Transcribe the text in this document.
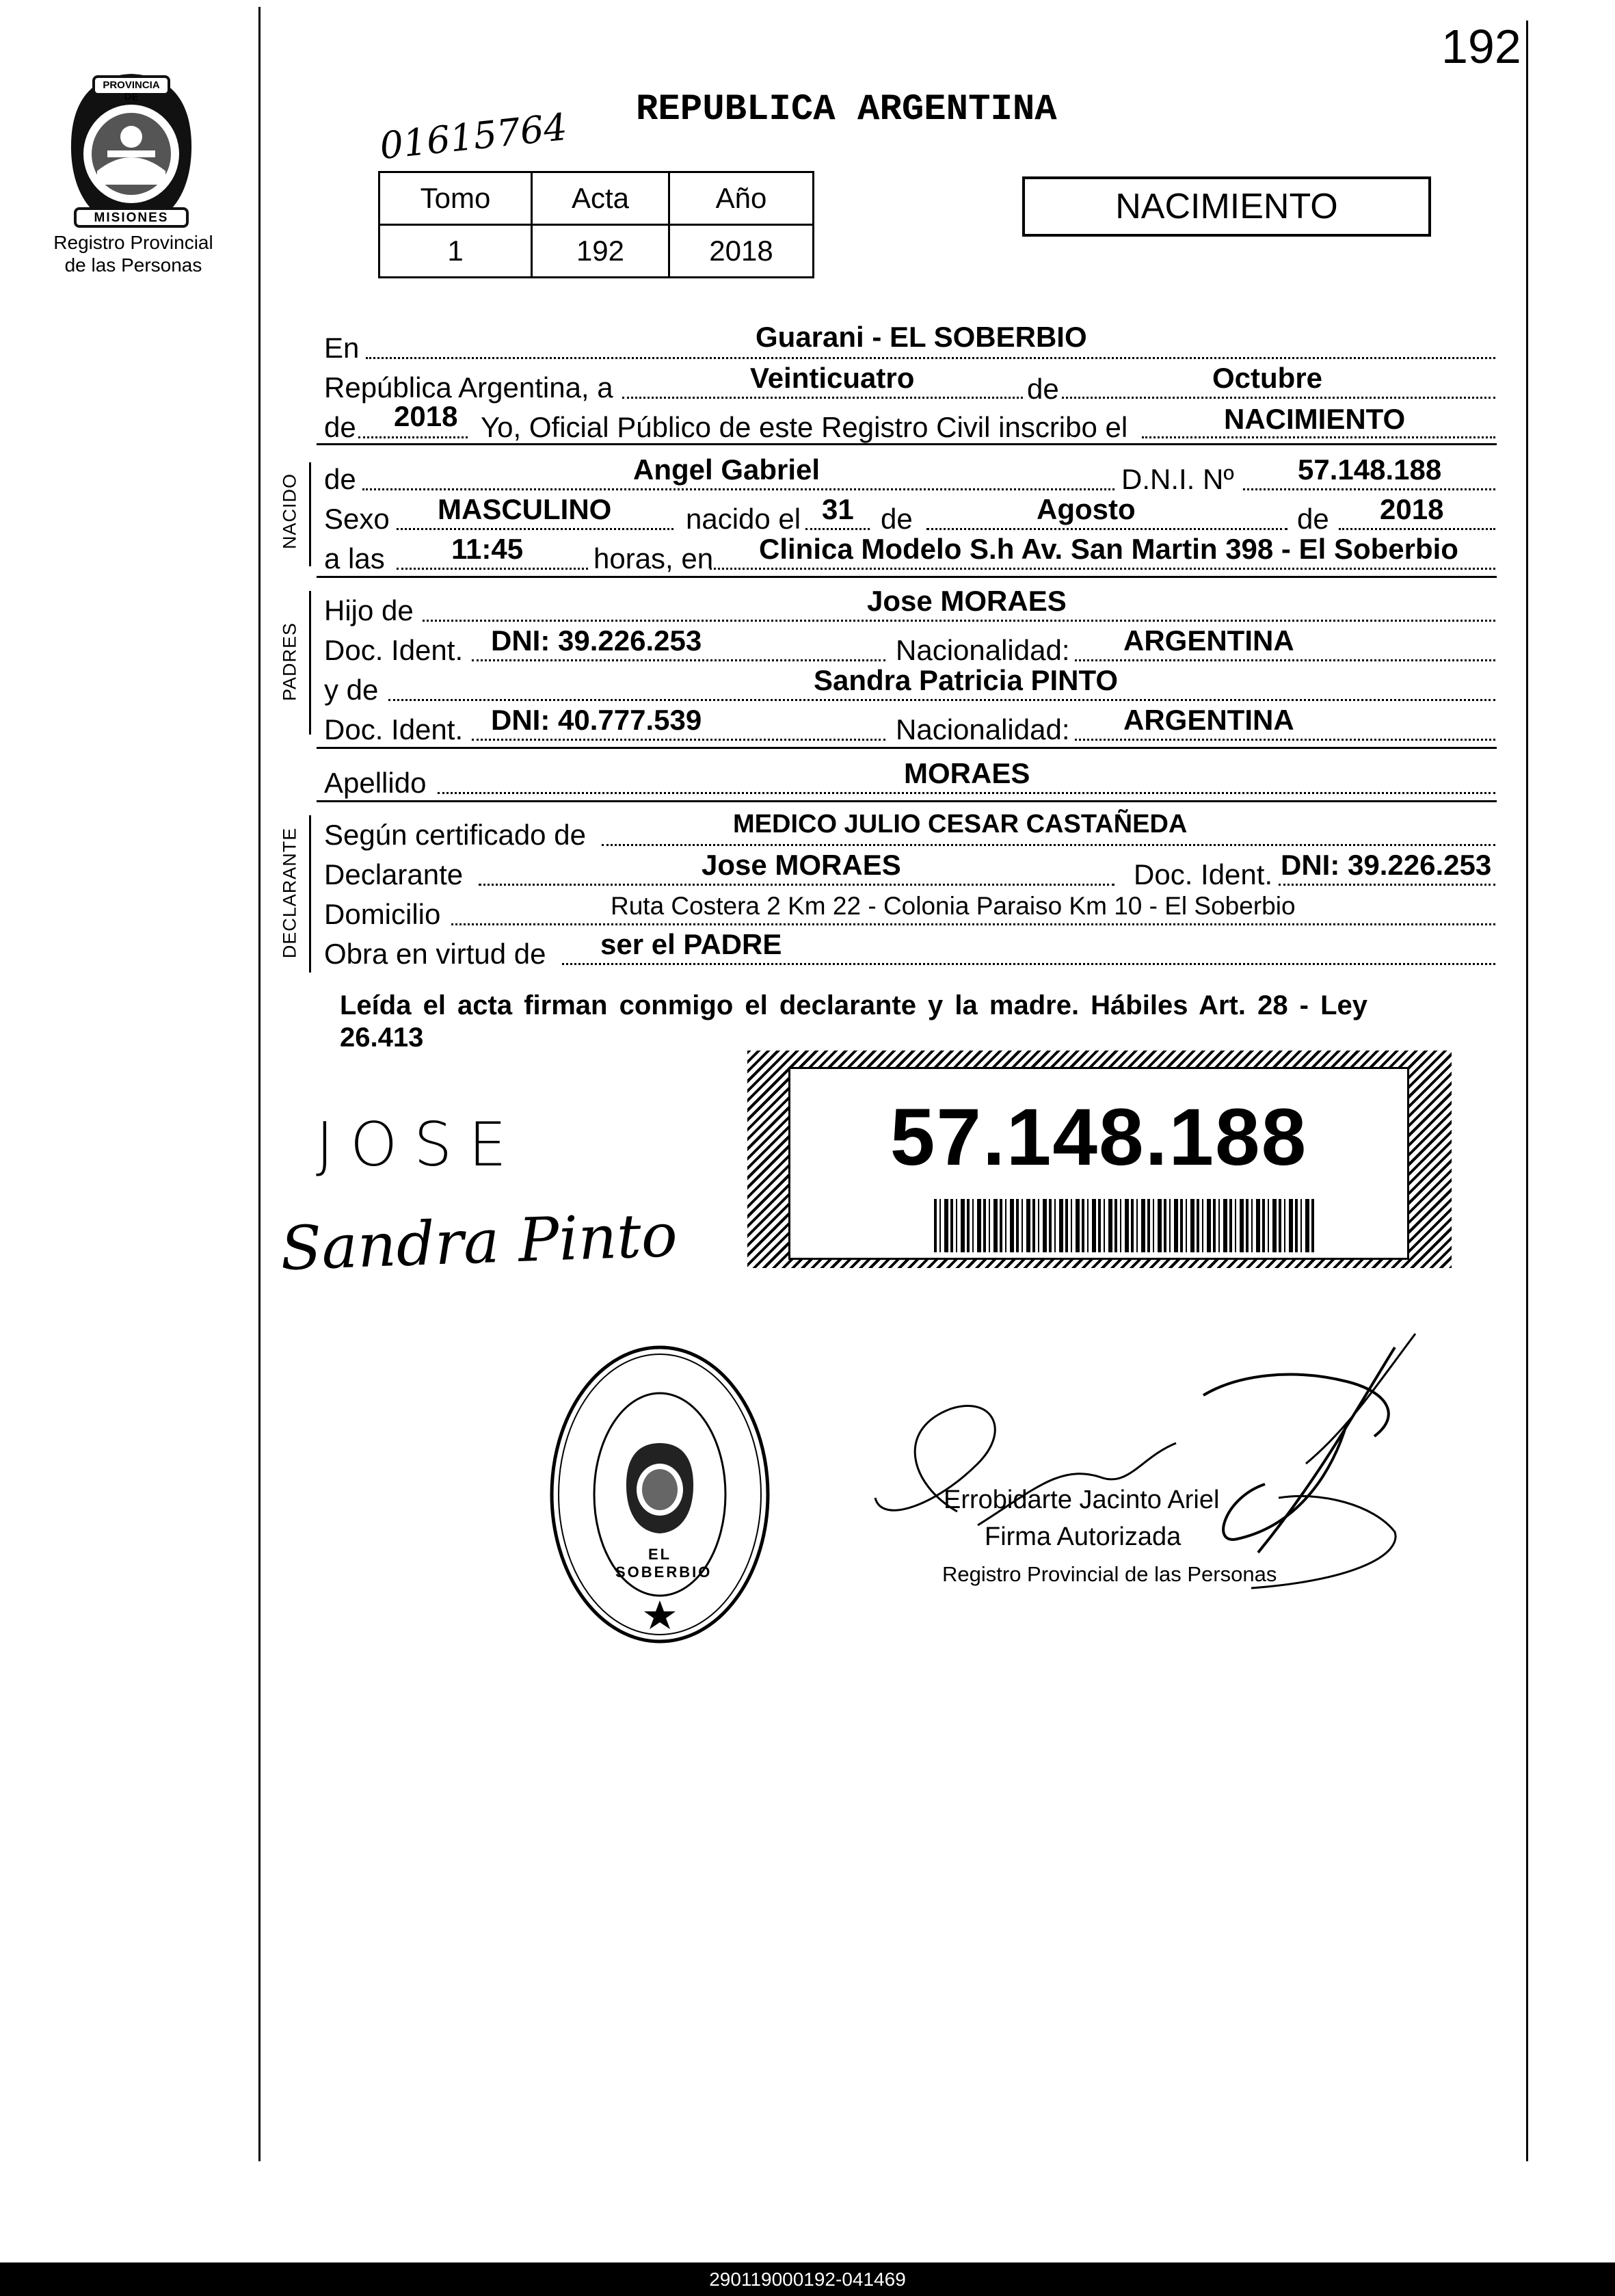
192
PROVINCIA DE
MISIONES
Registro Provincial de las Personas
01615764 REPUBLICA ARGENTINA
Tomo	Acta	Año
1	192	2018
NACIMIENTO
En	Guarani - EL SOBERBIO
República Argentina, a	Veinticuatro	de	Octubre
de 2018 Yo, Oficial Público de este Registro Civil inscribo el	NACIMIENTO
NACIDO de	Angel Gabriel	D.N.I. Nº 57.148.188
Sexo MASCULINO	nacido el 31 de	Agosto	de 2018
a las 11:45 horas, en Clinica Modelo S.h Av. San Martin 398 - El Soberbio
PADRES
Hijo de	Jose MORAES
Doc. Ident. DNI: 39.226.253	Nacionalidad: ARGENTINA
y de	Sandra Patricia PINTO
Doc. Ident. DNI: 40.777.539	Nacionalidad: ARGENTINA
Apellido	MORAES
DECLARANTE Según certificado de	MEDICO JULIO CESAR CASTAÑEDA
Declarante	Jose MORAES	Doc. Ident. DNI: 39.226.253
Domicilio	Ruta Costera 2 Km 22 - Colonia Paraiso Km 10 - El Soberbio
Obra en virtud de ser el PADRE
Leída el acta firman conmigo el declarante y la madre. Hábiles Art. 28 - Ley
26.413
57.148.188
JOSE
Sandra Pinto
EL SOBERBIO
Errobidarte Jacinto Ariel
Firma Autorizada
Registro Provincial de las Personas
290119000192-041469
